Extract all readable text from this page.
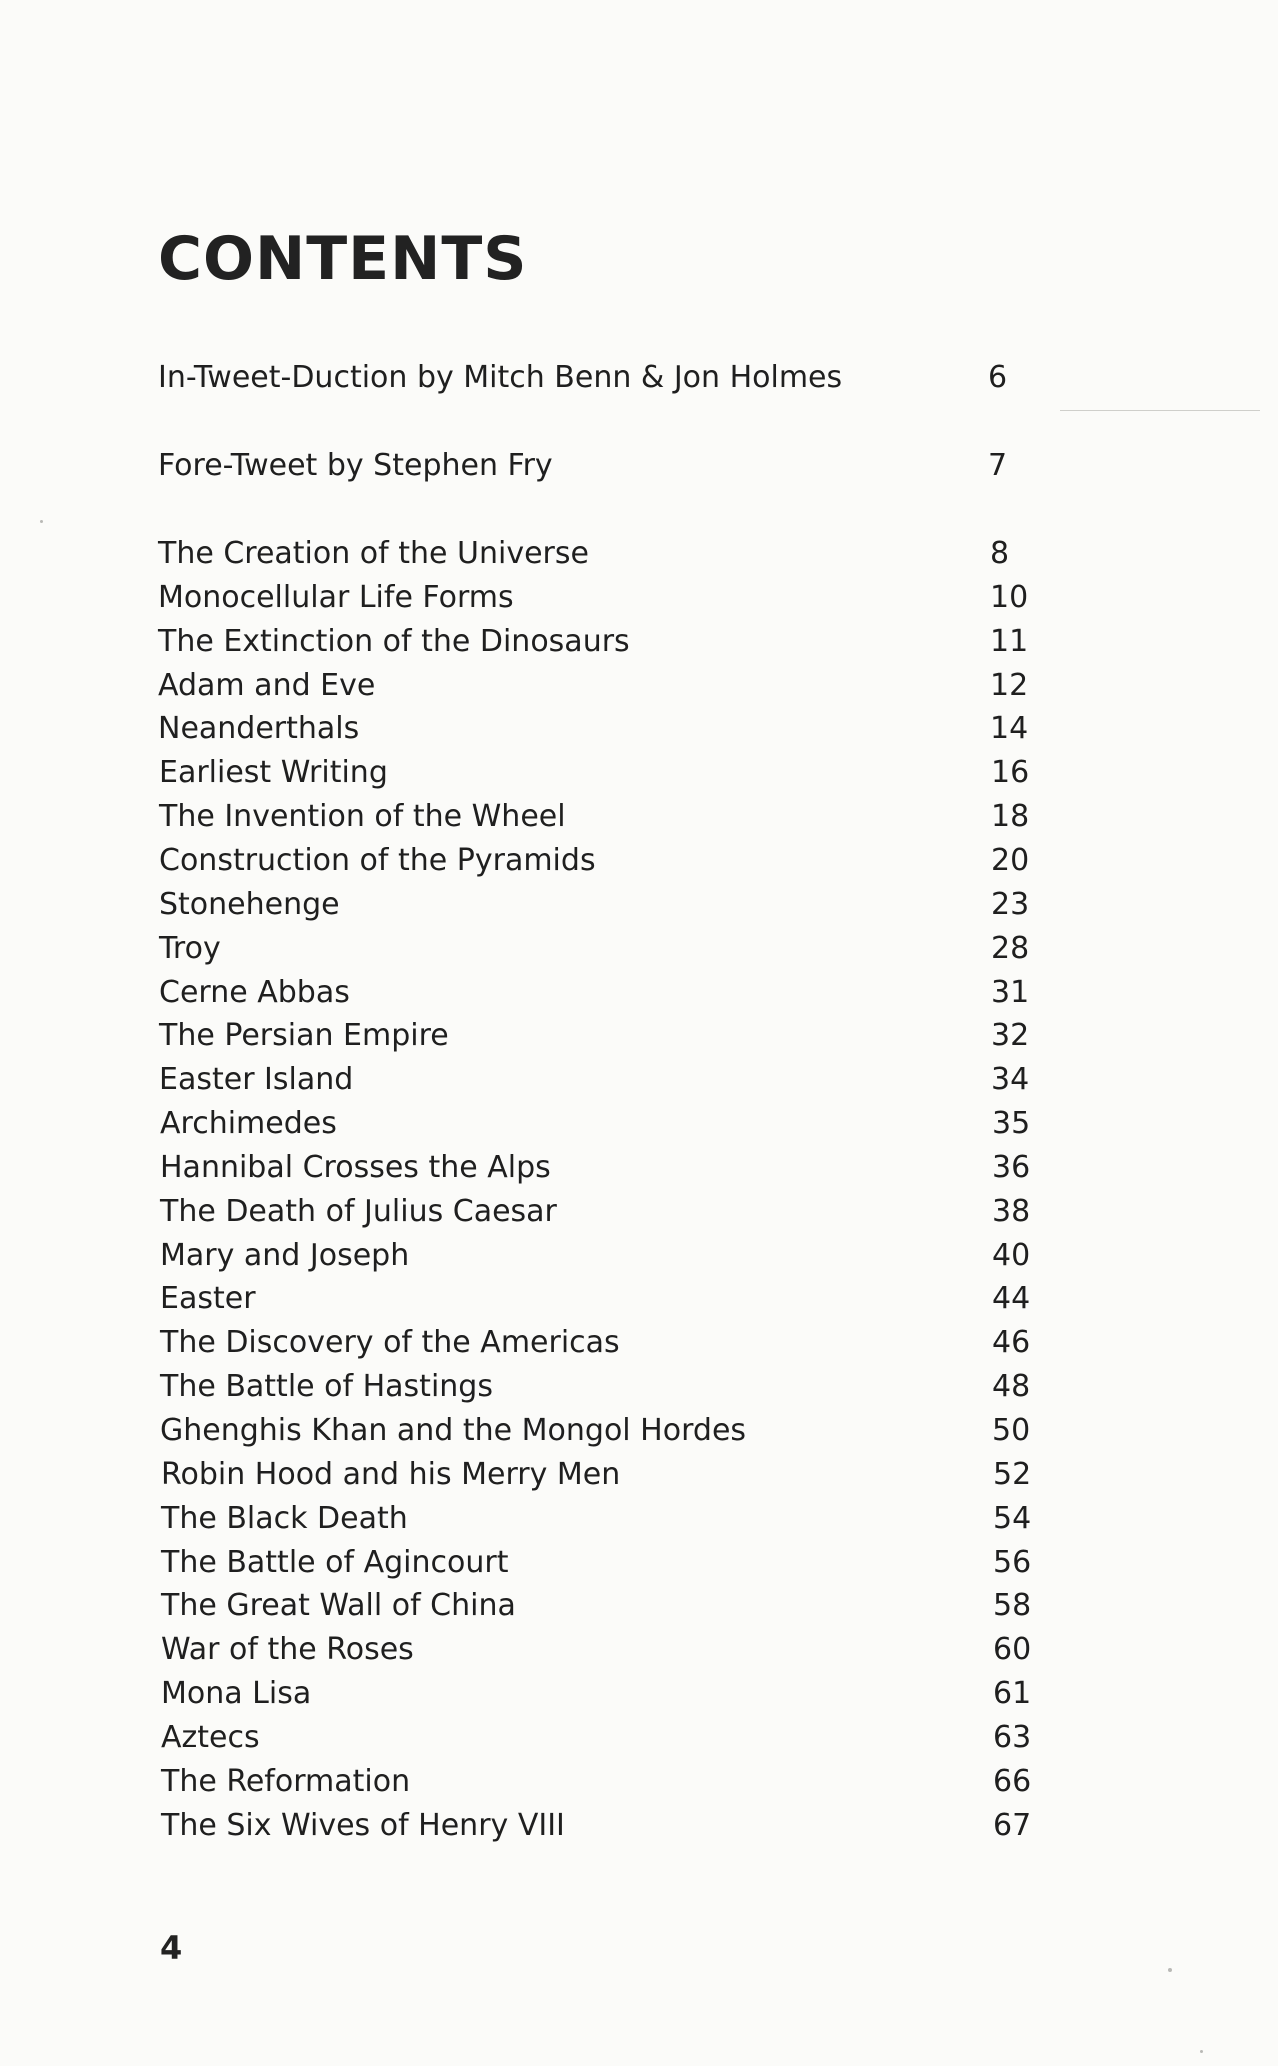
CONTENTS
In-Tweet-Duction by Mitch Benn & Jon Holmes	6
Fore-Tweet by Stephen Fry	7
The Creation of the Universe	8
Monocellular Life Forms	10
The Extinction of the Dinosaurs	11
Adam and Eve	12
Neanderthals	14
Earliest Writing	16
The Invention of the Wheel	18
Construction of the Pyramids	20
Stonehenge	23
Troy	28
Cerne Abbas	31
The Persian Empire	32
Easter Island	34
Archimedes	35
Hannibal Crosses the Alps	36
The Death of Julius Caesar	38
Mary and Joseph	40
Easter	44
The Discovery of the Americas	46
The Battle of Hastings	48
Ghenghis Khan and the Mongol Hordes	50
Robin Hood and his Merry Men	52
The Black Death	54
The Battle of Agincourt	56
The Great Wall of China	58
War of the Roses	60
Mona Lisa	61
Aztecs	63
The Reformation	66
The Six Wives of Henry VIII	67
4
